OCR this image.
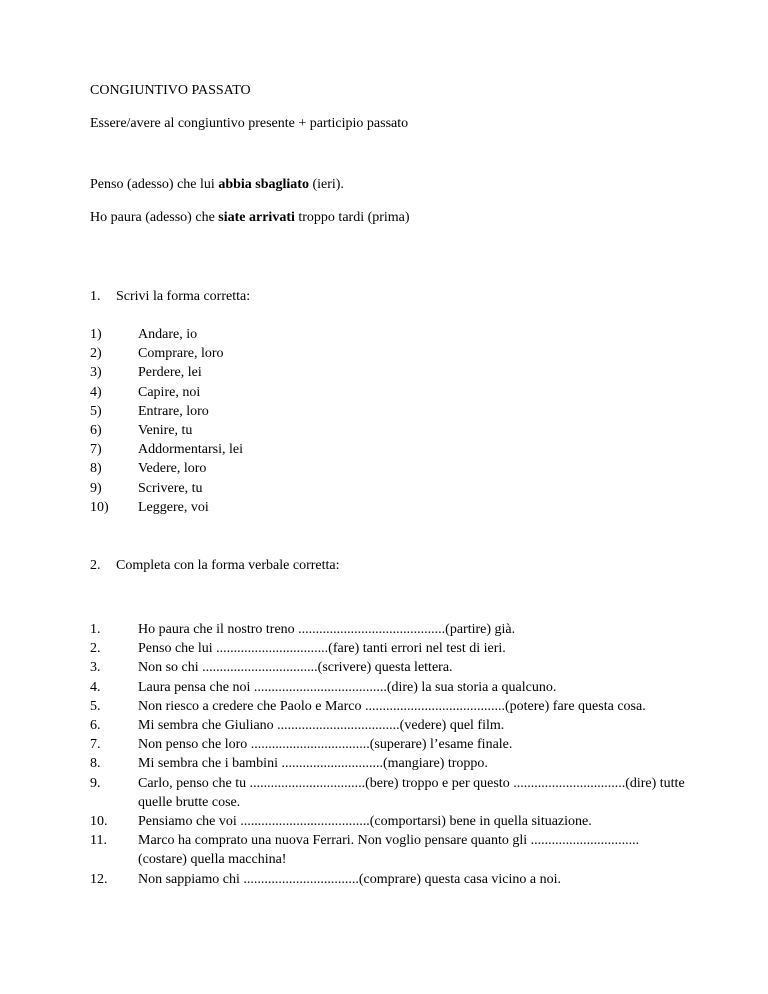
CONGIUNTIVO PASSATO

Essere/avere al congiuntivo presente + participio passato

Penso (adesso) che lui abbia sbagliato (ieri).

Ho paura (adesso) che siate arrivati troppo tardi (prima)

1. Scrivi la forma corretta:
1)	Andare, io
2)	Comprare, loro
3)	Perdere, lei
4)	Capire, noi
5)	Entrare, loro
6)	Venire, tu
7)	Addormentarsi, lei
8)	Vedere, loro
9)	Scrivere, tu
10) Leggere, voi
2. Completa con la forma verbale corretta:
1.	Ho paura che il nostro treno ..........................................(partire) già.
2.	Penso che lui ................................(fare) tanti errori nel test di ieri.
3.	Non so chi .................................(scrivere) questa lettera.
4.	Laura pensa che noi ......................................(dire) la sua storia a qualcuno.
5.	Non riesco a credere che Paolo e Marco ........................................(potere) fare questa cosa.
6.	Mi sembra che Giuliano ...................................(vedere) quel film.
7.	Non penso che loro ..................................(superare) l’esame finale.
8.	Mi sembra che i bambini .............................(mangiare) troppo.
9.	Carlo, penso che tu .................................(bere) troppo e per questo ................................(dire) tutte quelle brutte cose.
10. Pensiamo che voi .....................................(comportarsi) bene in quella situazione.
11. Marco ha comprato una nuova Ferrari. Non voglio pensare quanto gli ............................... (costare) quella macchina!
12. Non sappiamo chi .................................(comprare) questa casa vicino a noi.
